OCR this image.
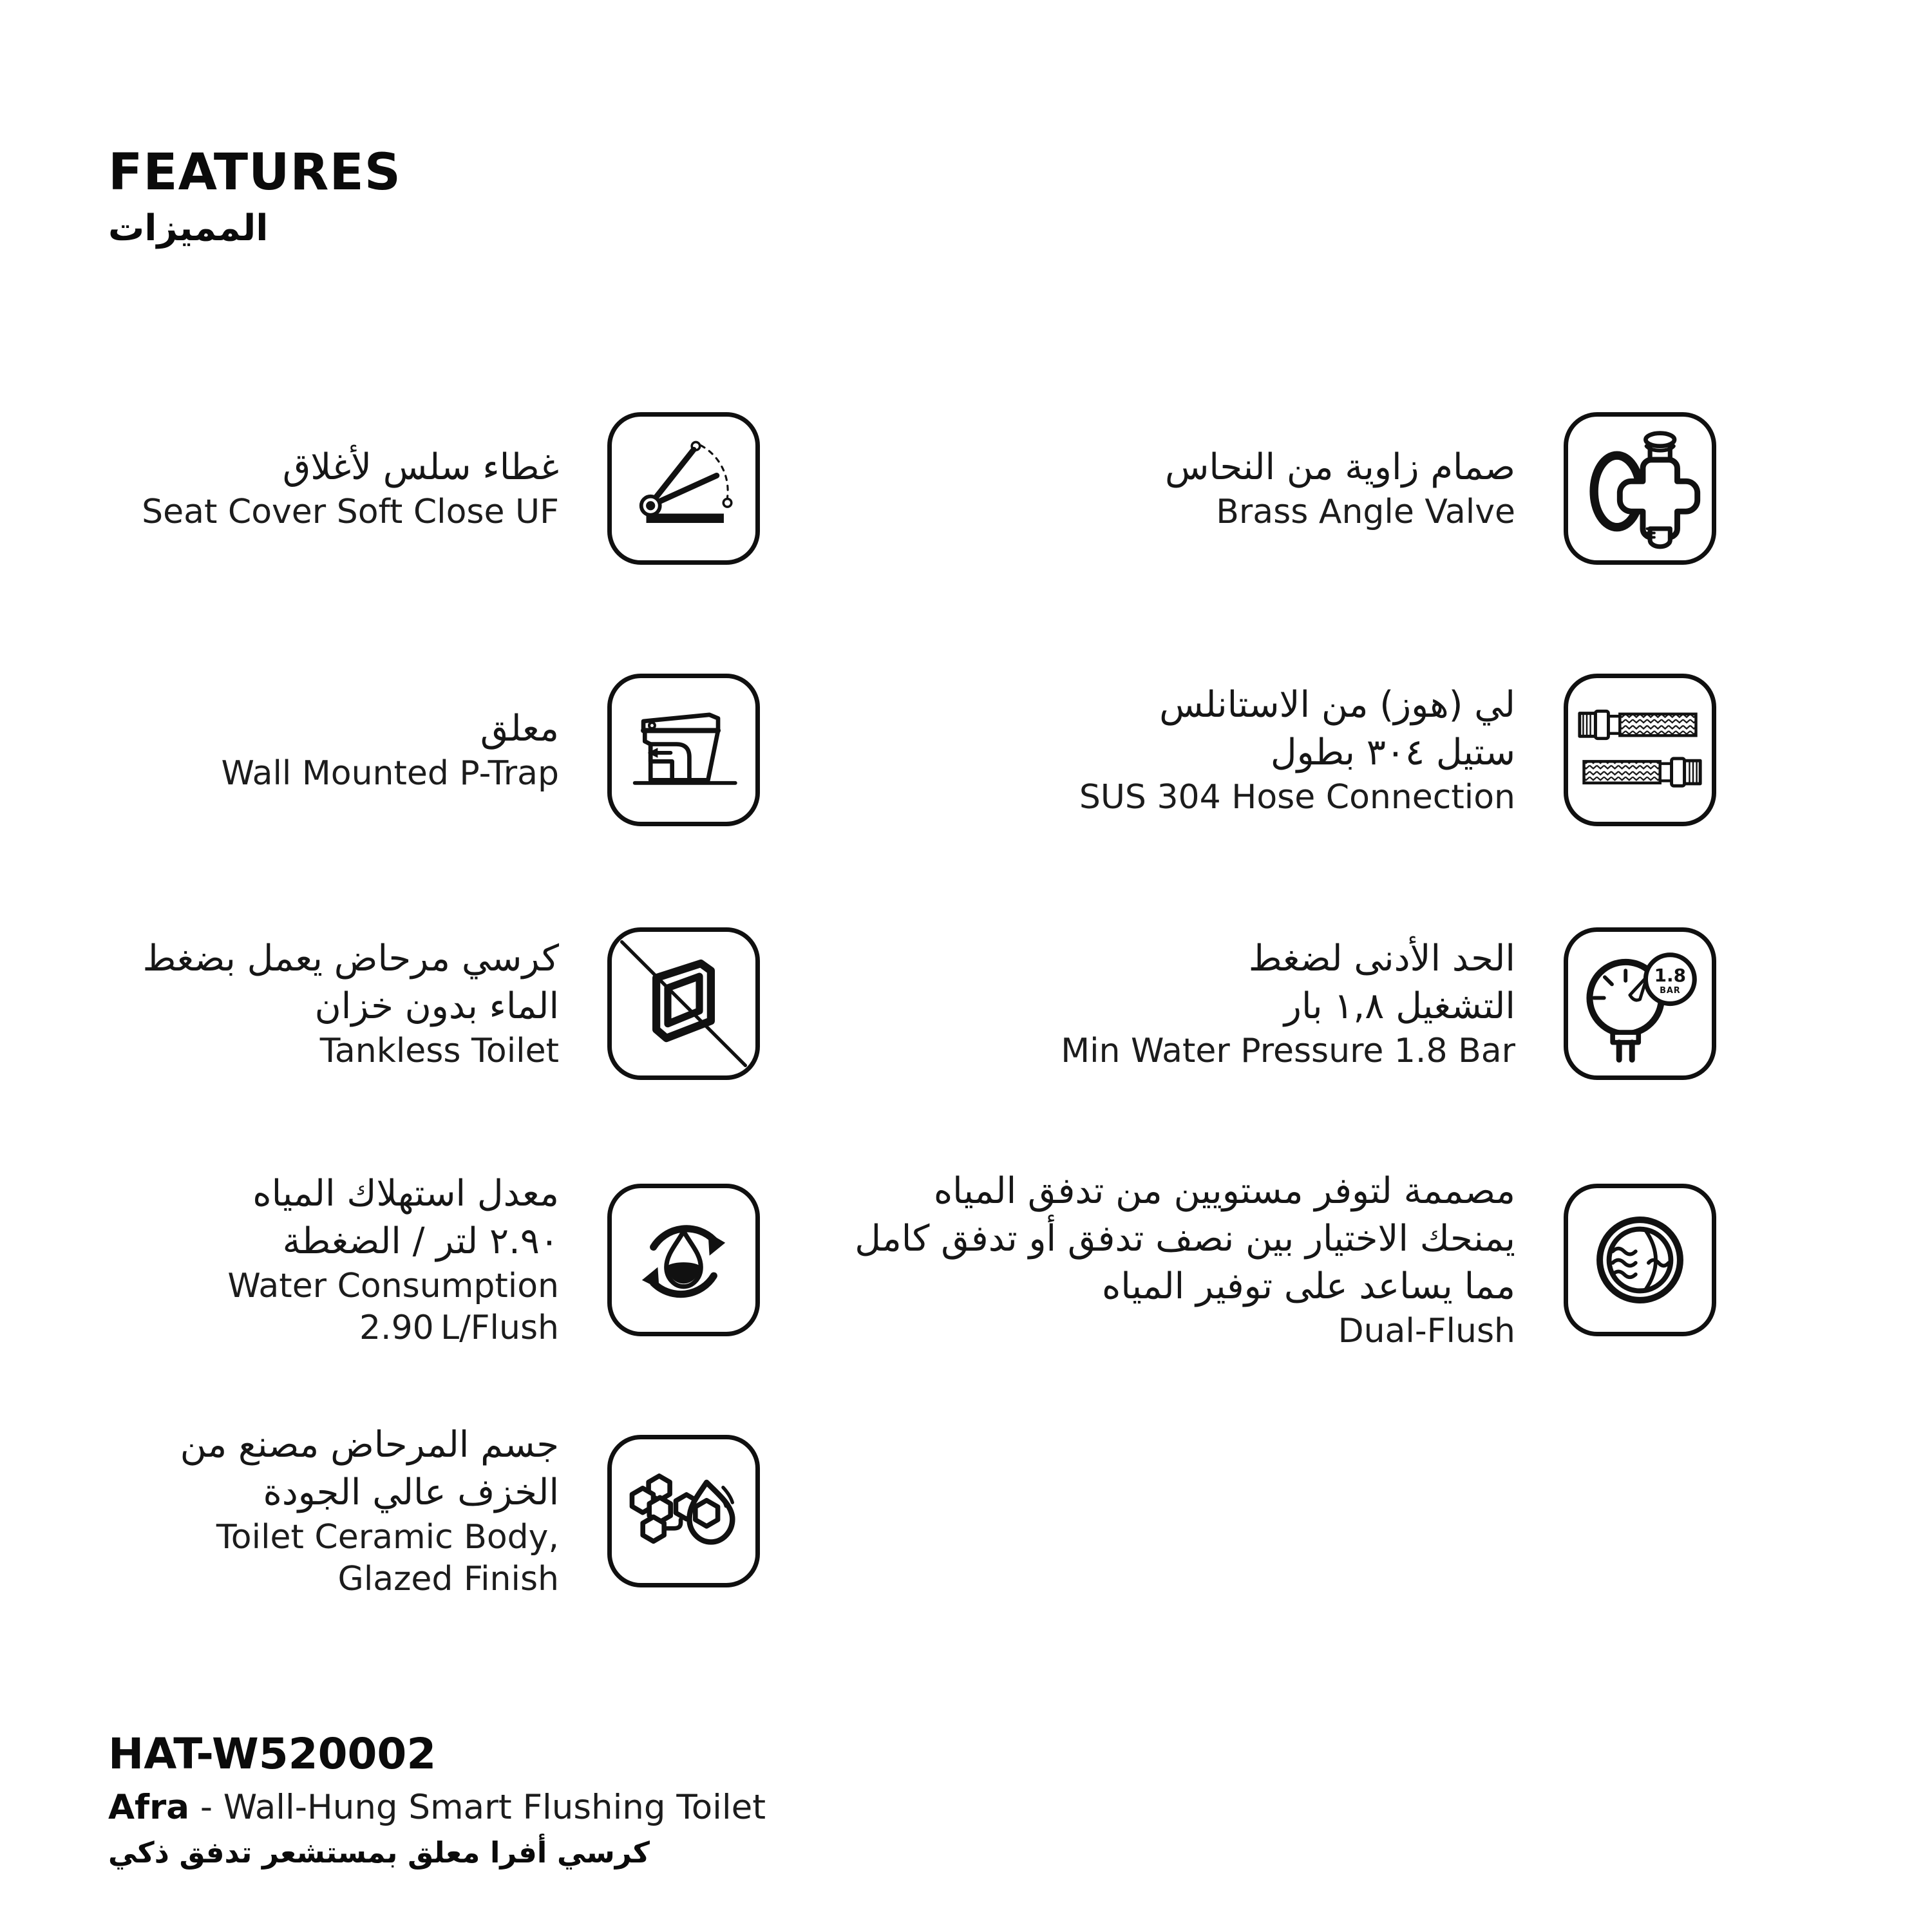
FEATURES
المميزات
غطاء سلس لأغلاق
Seat Cover Soft Close UF
صمام زاوية من النحاس
Brass Angle Valve
معلق
Wall Mounted P-Trap
لي (هوز) من الاستانلس
ستيل ٣٠٤ بطول
SUS 304 Hose Connection
كرسي مرحاض يعمل بضغط
الماء بدون خزان
Tankless Toilet
الحد الأدنى لضغط
التشغيل ١,٨ بار
Min Water Pressure 1.8 Bar
1.8
BAR
معدل استهلاك المياه
٢.٩٠ لتر / الضغطة
Water Consumption
2.90 L/Flush
مصممة لتوفر مستويين من تدفق المياه
يمنحك الاختيار بين نصف تدفق أو تدفق كامل
مما يساعد على توفير المياه
Dual-Flush
جسم المرحاض مصنع من
الخزف عالي الجودة
Toilet Ceramic Body,
Glazed Finish
HAT-W520002
Afra - Wall-Hung Smart Flushing Toilet
كرسي أفرا معلق بمستشعر تدفق ذكي
